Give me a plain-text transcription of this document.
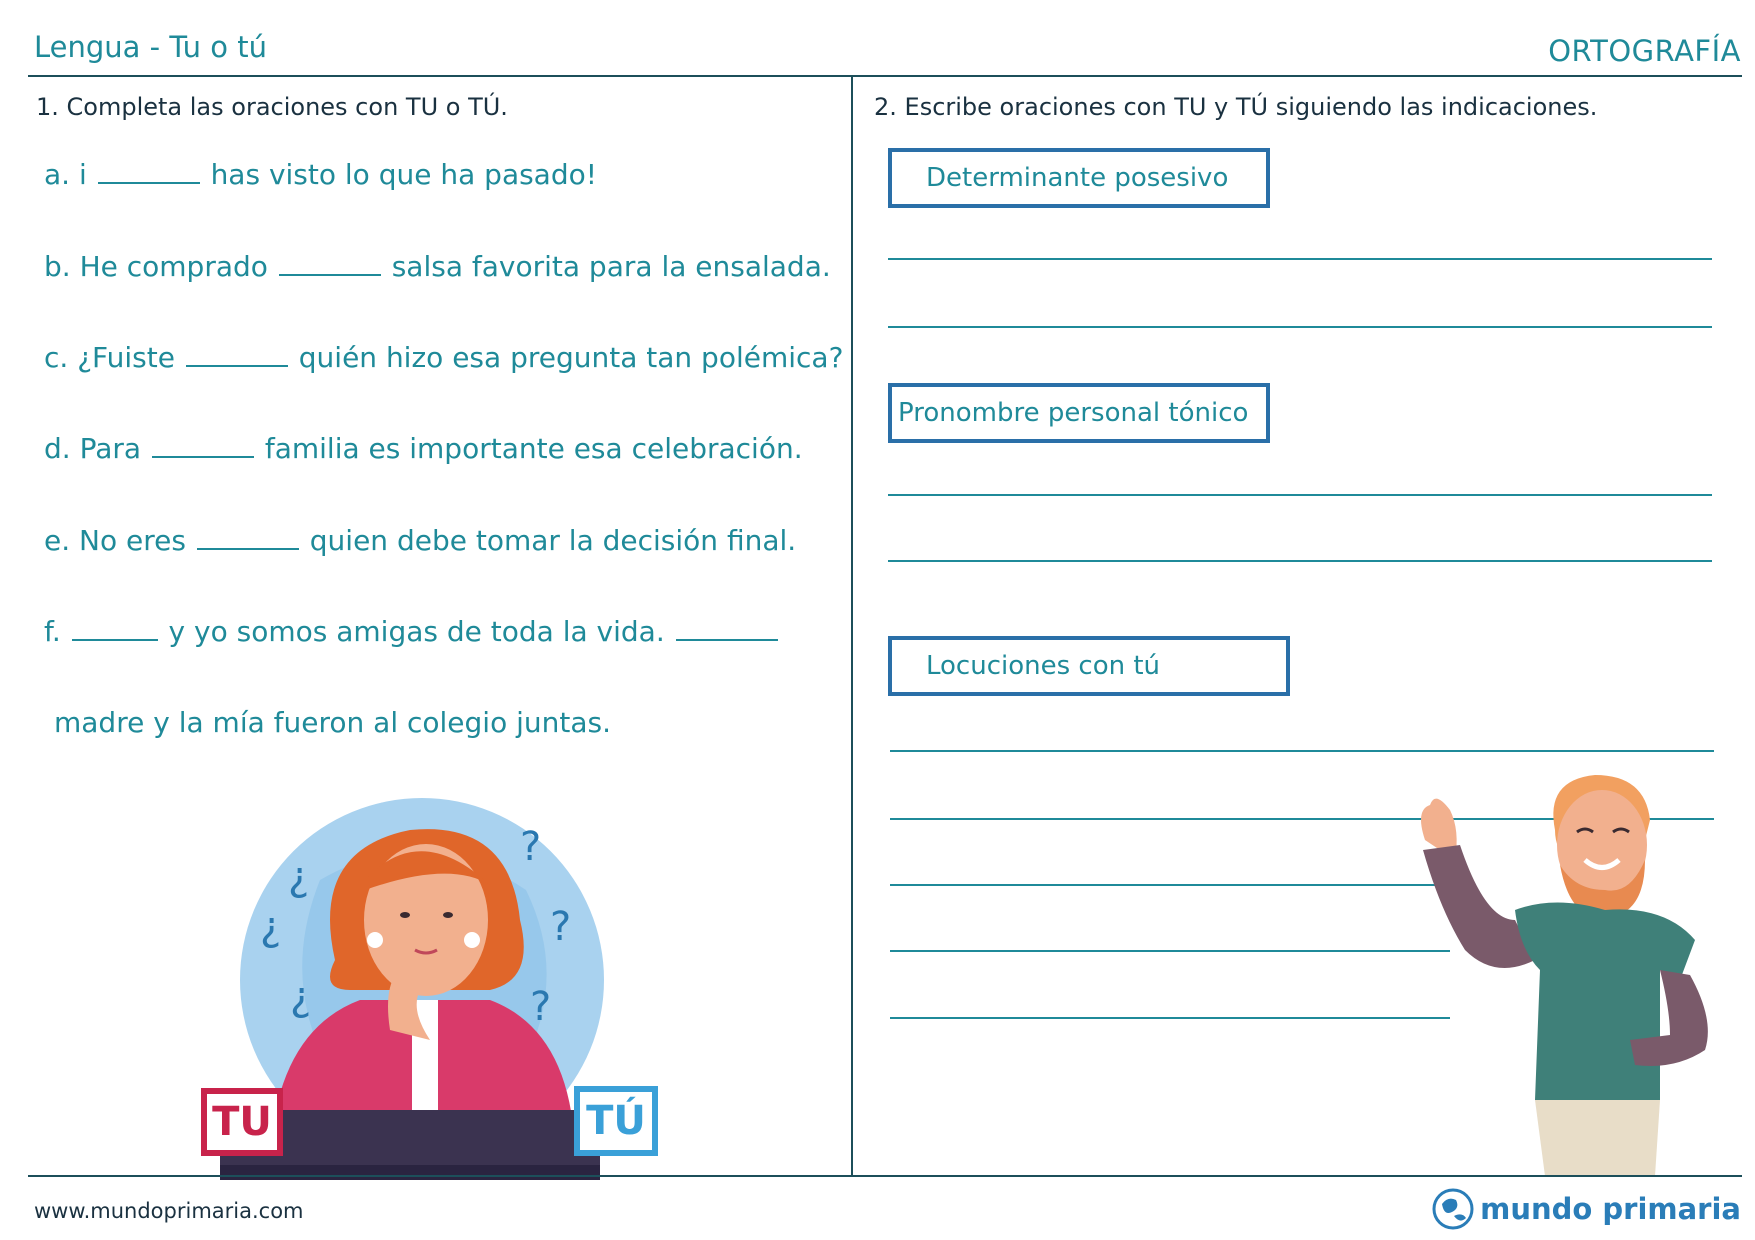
Lengua - Tu o tú	ORTOGRAFÍA
1. Completa las oraciones con TU o TÚ.
a. i	has visto lo que ha pasado!
b. He comprado	salsa favorita para la ensalada.
c. ¿Fuiste	quién hizo esa pregunta tan polémica?
d. Para	familia es importante esa celebración.
e. No eres	quien debe tomar la decisión final.
f.	y yo somos amigas de toda la vida.
madre y la mía fueron al colegio juntas.
¿
?
?
¿
¿	?
TU	TÚ
2. Escribe oraciones con TU y TÚ siguiendo las indicaciones.
Determinante posesivo
Pronombre personal tónico
Locuciones con tú
www.mundoprimaria.com	mundo primaria
